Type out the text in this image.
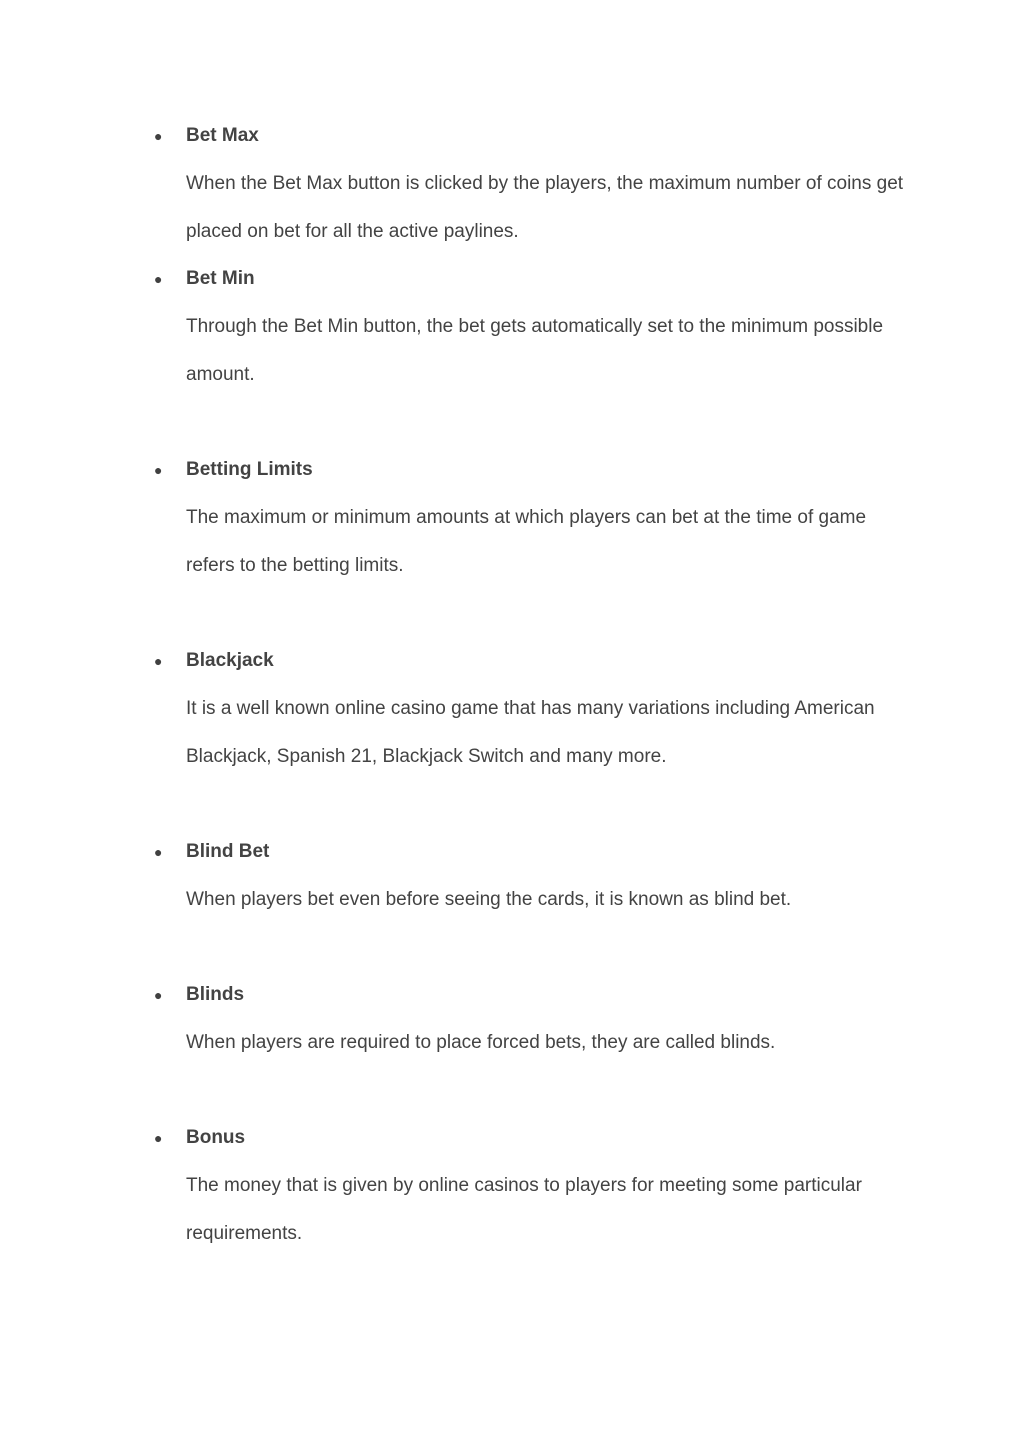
● Bet Max

When the Bet Max button is clicked by the players, the maximum number of coins get placed on bet for all the active paylines.

● Bet Min

Through the Bet Min button, the bet gets automatically set to the minimum possible amount.

● Betting Limits

The maximum or minimum amounts at which players can bet at the time of game refers to the betting limits.

● Blackjack

It is a well known online casino game that has many variations including American Blackjack, Spanish 21, Blackjack Switch and many more.

● Blind Bet

When players bet even before seeing the cards, it is known as blind bet.

● Blinds

When players are required to place forced bets, they are called blinds.

● Bonus

The money that is given by online casinos to players for meeting some particular requirements.
